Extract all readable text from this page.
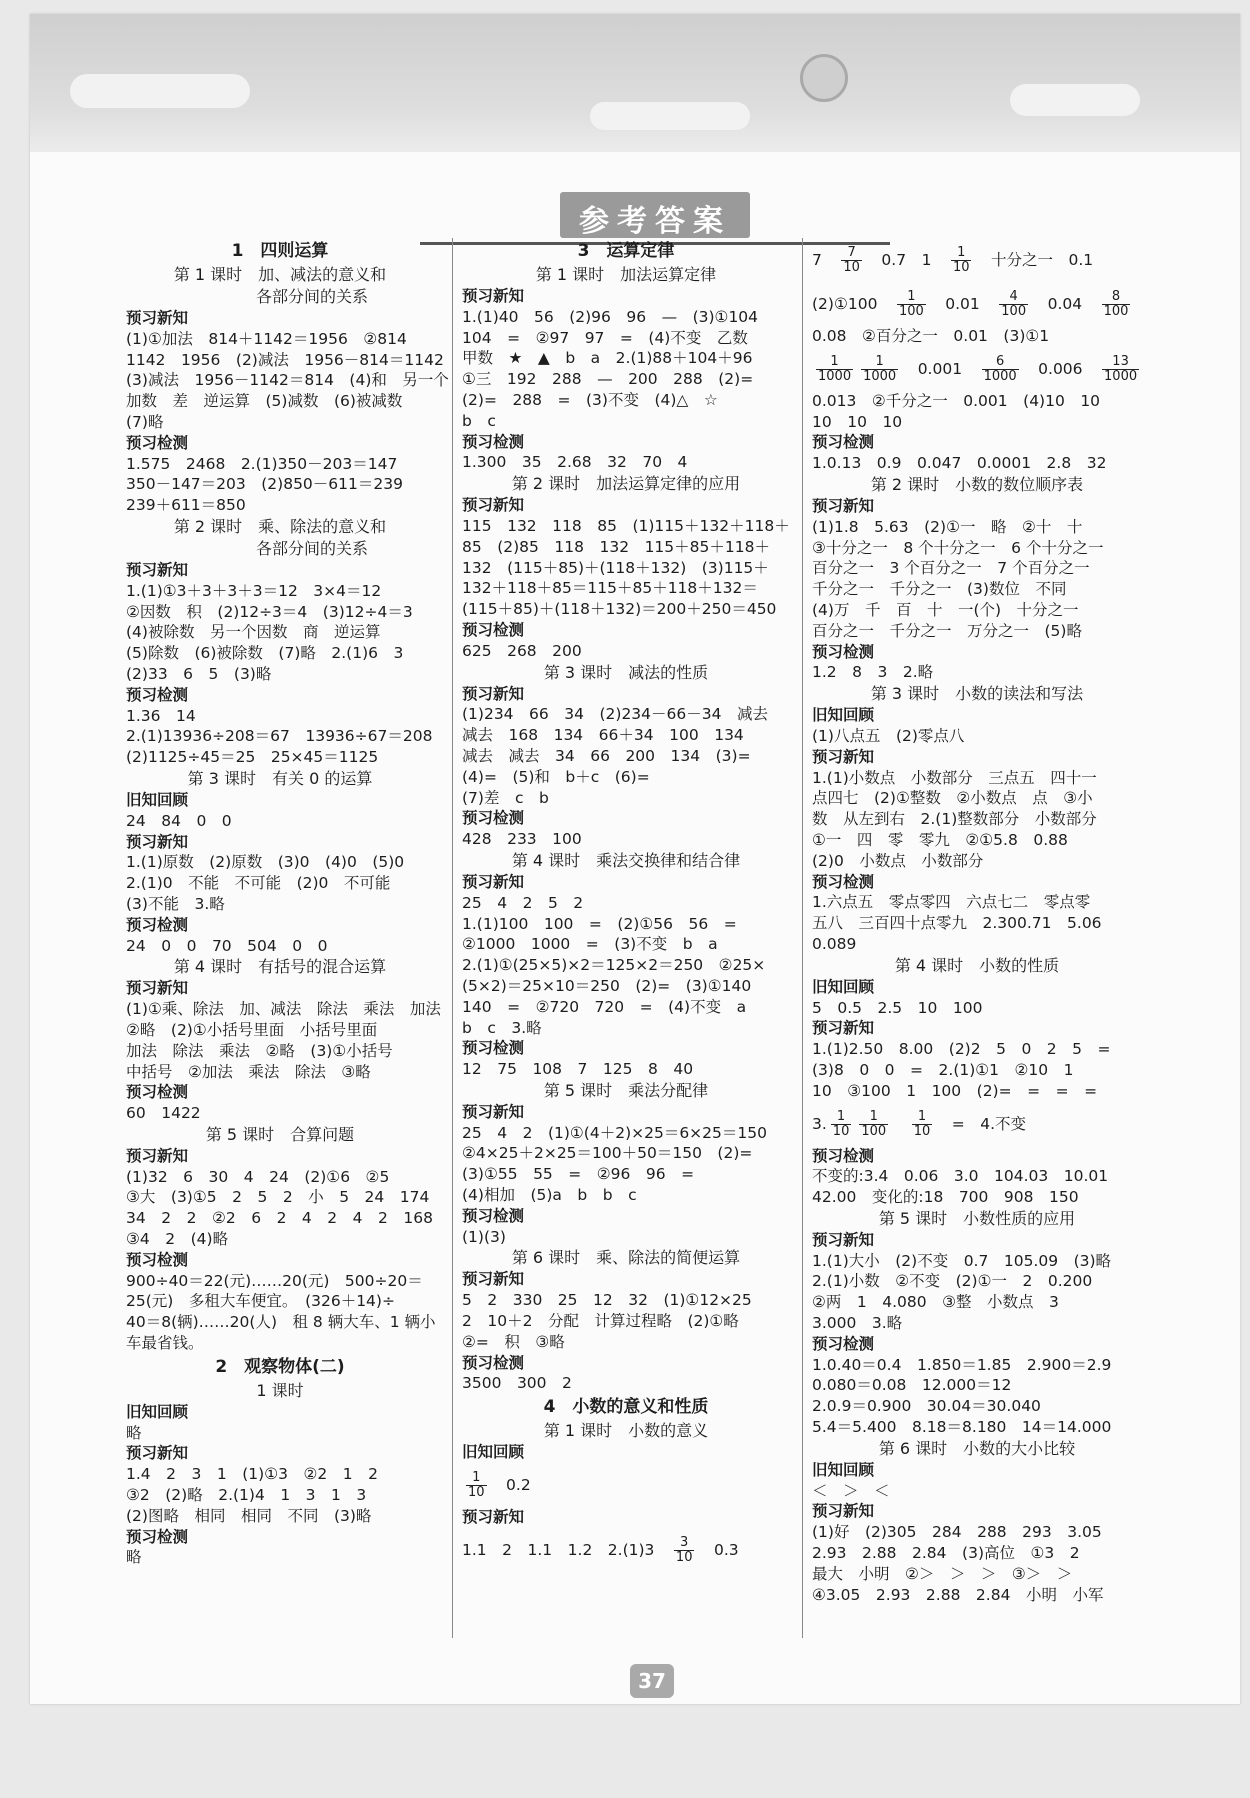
参考答案
37
1　四则运算
第 1 课时　加、减法的意义和
　　　　各部分间的关系
预习新知
(1)①加法　814＋1142＝1956　②814
1142　1956　(2)减法　1956－814＝1142
(3)减法　1956－1142＝814　(4)和　另一个
加数　差　逆运算　(5)减数　(6)被减数
(7)略
预习检测
1.575　2468　2.(1)350－203＝147
350－147＝203　(2)850－611＝239
239＋611＝850
第 2 课时　乘、除法的意义和
　　　　各部分间的关系
预习新知
1.(1)①3＋3＋3＋3＝12　3×4＝12
②因数　积　(2)12÷3＝4　(3)12÷4＝3
(4)被除数　另一个因数　商　逆运算
(5)除数　(6)被除数　(7)略　2.(1)6　3
(2)33　6　5　(3)略
预习检测
1.36　14
2.(1)13936÷208＝67　13936÷67＝208
(2)1125÷45＝25　25×45＝1125
第 3 课时　有关 0 的运算
旧知回顾
24　84　0　0
预习新知
1.(1)原数　(2)原数　(3)0　(4)0　(5)0
2.(1)0　不能　不可能　(2)0　不可能
(3)不能　3.略
预习检测
24　0　0　70　504　0　0
第 4 课时　有括号的混合运算
预习新知
(1)①乘、除法　加、减法　除法　乘法　加法
②略　(2)①小括号里面　小括号里面
加法　除法　乘法　②略　(3)①小括号
中括号　②加法　乘法　除法　③略
预习检测
60　1422
第 5 课时　合算问题
预习新知
(1)32　6　30　4　24　(2)①6　②5
③大　(3)①5　2　5　2　小　5　24　174
34　2　2　②2　6　2　4　2　4　2　168
③4　2　(4)略
预习检测
900÷40＝22(元)……20(元)　500÷20＝
25(元)　多租大车便宜。　(326＋14)÷
40＝8(辆)……20(人)　租 8 辆大车、1 辆小
车最省钱。
2　观察物体(二)
1 课时
旧知回顾
略
预习新知
1.4　2　3　1　(1)①3　②2　1　2
③2　(2)略　2.(1)4　1　3　1　3
(2)图略　相同　相同　不同　(3)略
预习检测
略
3　运算定律
第 1 课时　加法运算定律
预习新知
1.(1)40　56　(2)96　96　—　(3)①104
104　=　②97　97　=　(4)不变　乙数
甲数　★　▲　b　a　2.(1)88＋104＋96
①三　192　288　—　200　288　(2)=
(2)=　288　=　(3)不变　(4)△　☆
b　c
预习检测
1.300　35　2.68　32　70　4
第 2 课时　加法运算定律的应用
预习新知
115　132　118　85　(1)115＋132＋118＋
85　(2)85　118　132　115＋85＋118＋
132　(115＋85)＋(118＋132)　(3)115＋
132＋118＋85＝115＋85＋118＋132＝
(115＋85)＋(118＋132)＝200＋250＝450
预习检测
625　268　200
第 3 课时　减法的性质
预习新知
(1)234　66　34　(2)234－66－34　减去
减去　168　134　66＋34　100　134
减去　减去　34　66　200　134　(3)=
(4)=　(5)和　b＋c　(6)=
(7)差　c　b
预习检测
428　233　100
第 4 课时　乘法交换律和结合律
预习新知
25　4　2　5　2
1.(1)100　100　=　(2)①56　56　=
②1000　1000　=　(3)不变　b　a
2.(1)①(25×5)×2＝125×2＝250　②25×
(5×2)＝25×10＝250　(2)=　(3)①140
140　=　②720　720　=　(4)不变　a
b　c　3.略
预习检测
12　75　108　7　125　8　40
第 5 课时　乘法分配律
预习新知
25　4　2　(1)①(4＋2)×25＝6×25＝150
②4×25＋2×25＝100＋50＝150　(2)=
(3)①55　55　=　②96　96　=
(4)相加　(5)a　b　b　c
预习检测
(1)(3)
第 6 课时　乘、除法的简便运算
预习新知
5　2　330　25　12　32　(1)①12×25
2　10＋2　分配　计算过程略　(2)①略
②=　积　③略
预习检测
3500　300　2
4　小数的意义和性质
第 1 课时　小数的意义
旧知回顾
$\frac{1}{10}$ 　0.2
预习新知
1.1　2　1.1　1.2　2.(1)3　 $\frac{3}{10}$ 　0.3
7　 $\frac{7}{10}$ 　0.7　1　 $\frac{1}{10}$ 　十分之一　0.1
(2)①100　 $\frac{1}{100}$ 　0.01　 $\frac{4}{100}$ 　0.04　 $\frac{8}{100}$
0.08　②百分之一　0.01　(3)①1
$\frac{1}{1000} \frac{1}{1000}$ 　0.001　 $\frac{6}{1000}$ 　0.006　 $\frac{13}{1000}$
0.013　②千分之一　0.001　(4)10　10
10　10　10
预习检测
1.0.13　0.9　0.047　0.0001　2.8　32
第 2 课时　小数的数位顺序表
预习新知
(1)1.8　5.63　(2)①一　略　②十　十
③十分之一　8 个十分之一　6 个十分之一
百分之一　3 个百分之一　7 个百分之一
千分之一　千分之一　(3)数位　不同
(4)万　千　百　十　一(个)　十分之一
百分之一　千分之一　万分之一　(5)略
预习检测
1.2　8　3　2.略
第 3 课时　小数的读法和写法
旧知回顾
(1)八点五　(2)零点八
预习新知
1.(1)小数点　小数部分　三点五　四十一
点四七　(2)①整数　②小数点　点　③小
数　从左到右　2.(1)整数部分　小数部分
①一　四　零　零九　②①5.8　0.88
(2)0　小数点　小数部分
预习检测
1.六点五　零点零四　六点七二　零点零
五八　三百四十点零九　2.300.71　5.06
0.089
第 4 课时　小数的性质
旧知回顾
5　0.5　2.5　10　100
预习新知
1.(1)2.50　8.00　(2)2　5　0　2　5　=
(3)8　0　0　=　2.(1)①1　②10　1
10　③100　1　100　(2)=　=　=　=
3. $\frac{1}{10} \frac{1}{100}$
　 $\frac{1}{10}$ 　=　4.不变
预习检测
不变的:3.4　0.06　3.0　104.03　10.01
42.00　变化的:18　700　908　150
第 5 课时　小数性质的应用
预习新知
1.(1)大小　(2)不变　0.7　105.09　(3)略
2.(1)小数　②不变　(2)①一　2　0.200
②两　1　4.080　③整　小数点　3
3.000　3.略
预习检测
1.0.40＝0.4　1.850＝1.85　2.900＝2.9
0.080＝0.08　12.000＝12
2.0.9＝0.900　30.04＝30.040
5.4＝5.400　8.18＝8.180　14＝14.000
第 6 课时　小数的大小比较
旧知回顾
＜　＞　＜
预习新知
(1)好　(2)305　284　288　293　3.05
2.93　2.88　2.84　(3)高位　①3　2
最大　小明　②＞　＞　＞　③＞　＞
④3.05　2.93　2.88　2.84　小明　小军
